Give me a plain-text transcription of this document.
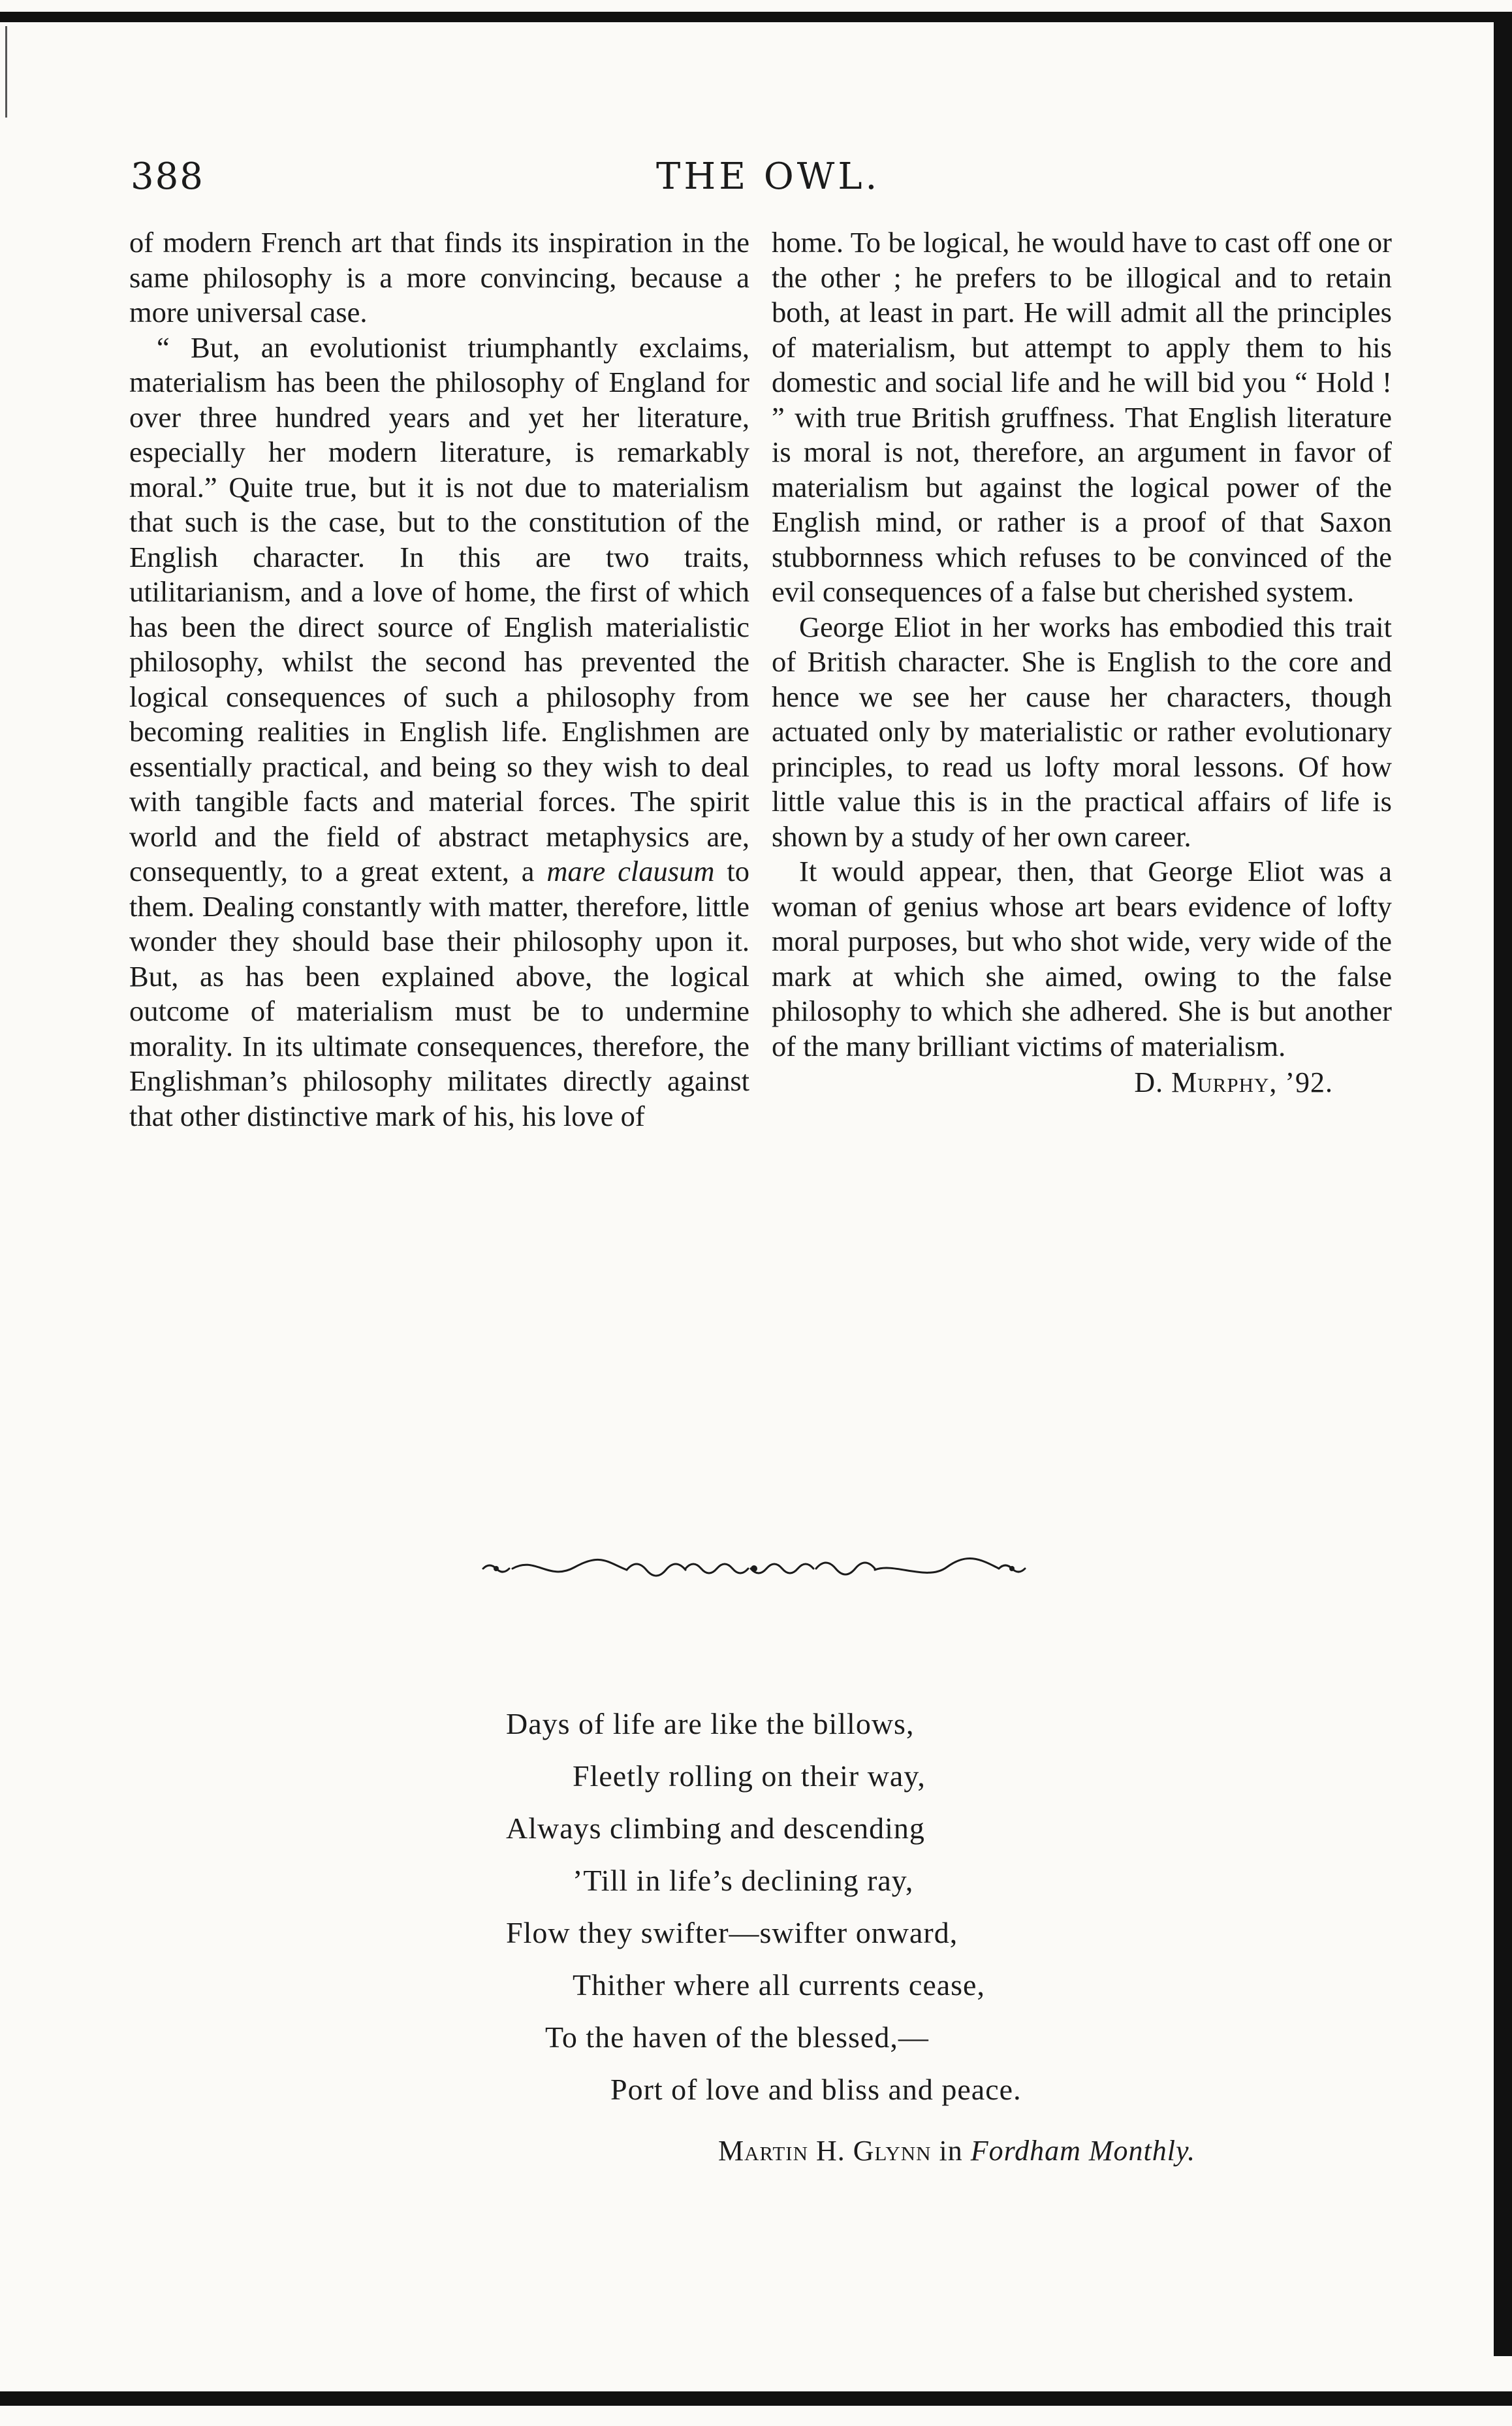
388	THE OWL.

of modern French art that finds its inspiration in the same philosophy is a more convincing, because a more universal case.

“ But, an evolutionist triumphantly exclaims, materialism has been the philosophy of England for over three hundred years and yet her literature, especially her modern literature, is remarkably moral.” Quite true, but it is not due to materialism that such is the case, but to the constitution of the English character. In this are two traits, utilitarianism, and a love of home, the first of which has been the direct source of English materialistic philosophy, whilst the second has prevented the logical consequences of such a philosophy from becoming realities in English life. Englishmen are essentially practical, and being so they wish to deal with tangible facts and material forces. The spirit world and the field of abstract metaphysics are, consequently, to a great extent, a mare clausum to them. Dealing constantly with matter, therefore, little wonder they should base their philosophy upon it. But, as has been explained above, the logical outcome of materialism must be to undermine morality. In its ultimate consequences, therefore, the Englishman’s philosophy militates directly against that other distinctive mark of his, his love of

home. To be logical, he would have to cast off one or the other ; he prefers to be illogical and to retain both, at least in part. He will admit all the principles of materialism, but attempt to apply them to his domestic and social life and he will bid you “ Hold ! ” with true British gruffness. That English literature is moral is not, therefore, an argument in favor of materialism but against the logical power of the English mind, or rather is a proof of that Saxon stubbornness which refuses to be convinced of the evil consequences of a false but cherished system.

George Eliot in her works has embodied this trait of British character. She is English to the core and hence we see her cause her characters, though actuated only by materialistic or rather evolutionary principles, to read us lofty moral lessons. Of how little value this is in the practical affairs of life is shown by a study of her own career.

It would appear, then, that George Eliot was a woman of genius whose art bears evidence of lofty moral purposes, but who shot wide, very wide of the mark at which she aimed, owing to the false philosophy to which she adhered. She is but another of the many brilliant victims of materialism.

D. Murphy, ’92.
Days of life are like the billows,
Fleetly rolling on their way,
Always climbing and descending
’Till in life’s declining ray,
Flow they swifter—swifter onward,
Thither where all currents cease,
To the haven of the blessed,—
Port of love and bliss and peace.
Martin H. Glynn in Fordham Monthly.
